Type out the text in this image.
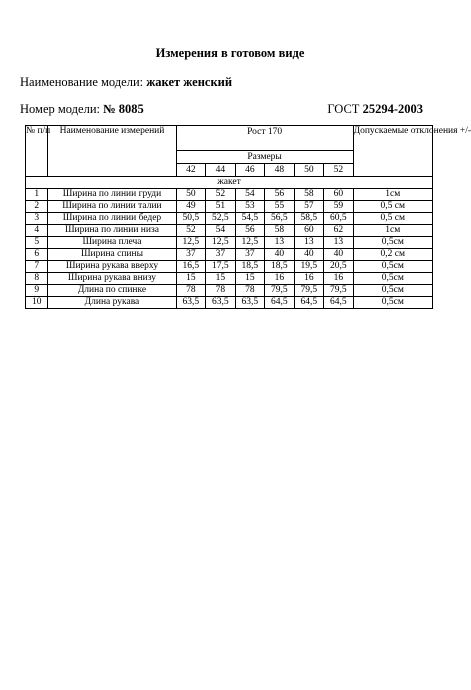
Измерения в готовом виде
Наименование модели: жакет женский
Номер модели: № 8085	ГОСТ 25294-2003
№ п/п	Наименование измерений	Рост 170						Допускаемые отклонения +/-
		Размеры						
		42	44	46	48	50	52	
жакет								
1	Ширина по линии груди	50	52	54	56	58	60	1см
2	Ширина по линии талии	49	51	53	55	57	59	0,5 см
3	Ширина по линии бедер	50,5	52,5	54,5	56,5	58,5	60,5	0,5 см
4	Ширина по линии низа	52	54	56	58	60	62	1см
5	Ширина плеча	12,5	12,5	12,5	13	13	13	0,5см
6	Ширина спины	37	37	37	40	40	40	0,2 см
7	Ширина рукава вверху	16,5	17,5	18,5	18,5	19,5	20,5	0,5см
8	Ширина рукава внизу	15	15	15	16	16	16	0,5см
9	Длина по спинке	78	78	78	79,5	79,5	79,5	0,5см
10	Длина рукава	63,5	63,5	63,5	64,5	64,5	64,5	0,5см
